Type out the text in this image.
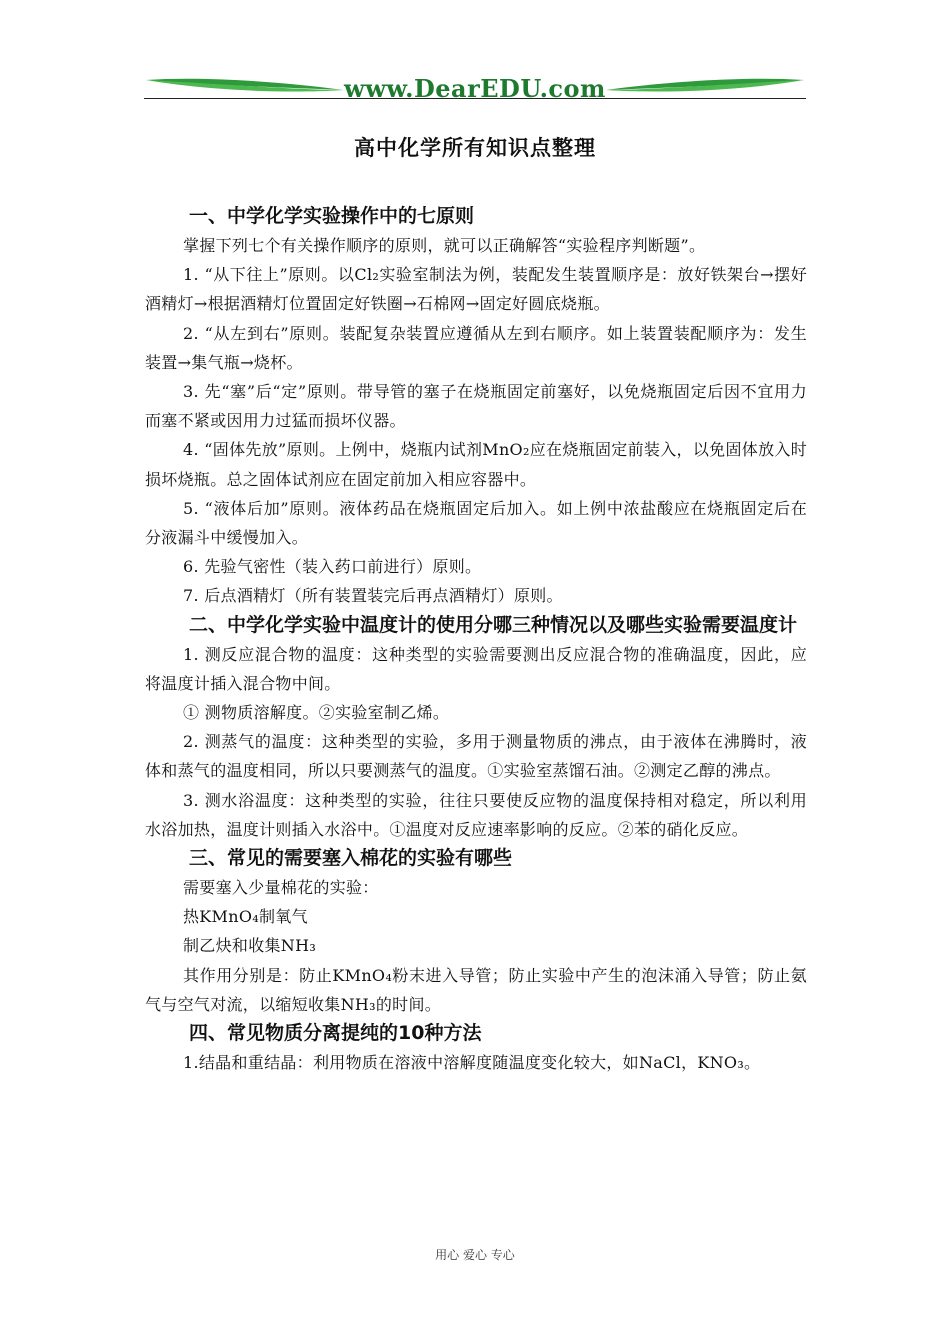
www.DearEDU.com
高中化学所有知识点整理
一、中学化学实验操作中的七原则

掌握下列七个有关操作顺序的原则，就可以正确解答“实验程序判断题”。

1. “从下往上”原则。以Cl₂实验室制法为例，装配发生装置顺序是：放好铁架台→摆好酒精灯→根据酒精灯位置固定好铁圈→石棉网→固定好圆底烧瓶。

2. “从左到右”原则。装配复杂装置应遵循从左到右顺序。如上装置装配顺序为：发生装置→集气瓶→烧杯。

3. 先“塞”后“定”原则。带导管的塞子在烧瓶固定前塞好，以免烧瓶固定后因不宜用力而塞不紧或因用力过猛而损坏仪器。

4. “固体先放”原则。上例中，烧瓶内试剂MnO₂应在烧瓶固定前装入，以免固体放入时损坏烧瓶。总之固体试剂应在固定前加入相应容器中。

5. “液体后加”原则。液体药品在烧瓶固定后加入。如上例中浓盐酸应在烧瓶固定后在分液漏斗中缓慢加入。

6. 先验气密性（装入药口前进行）原则。

7. 后点酒精灯（所有装置装完后再点酒精灯）原则。

二、中学化学实验中温度计的使用分哪三种情况以及哪些实验需要温度计

1. 测反应混合物的温度：这种类型的实验需要测出反应混合物的准确温度，因此，应将温度计插入混合物中间。

① 测物质溶解度。②实验室制乙烯。

2. 测蒸气的温度：这种类型的实验，多用于测量物质的沸点，由于液体在沸腾时，液体和蒸气的温度相同，所以只要测蒸气的温度。①实验室蒸馏石油。②测定乙醇的沸点。

3. 测水浴温度：这种类型的实验，往往只要使反应物的温度保持相对稳定，所以利用水浴加热，温度计则插入水浴中。①温度对反应速率影响的反应。②苯的硝化反应。

三、常见的需要塞入棉花的实验有哪些

需要塞入少量棉花的实验：

热KMnO₄制氧气

制乙炔和收集NH₃

其作用分别是：防止KMnO₄粉末进入导管；防止实验中产生的泡沫涌入导管；防止氨气与空气对流，以缩短收集NH₃的时间。

四、常见物质分离提纯的10种方法

1.结晶和重结晶：利用物质在溶液中溶解度随温度变化较大，如NaCl，KNO₃。

用心 爱心 专心
